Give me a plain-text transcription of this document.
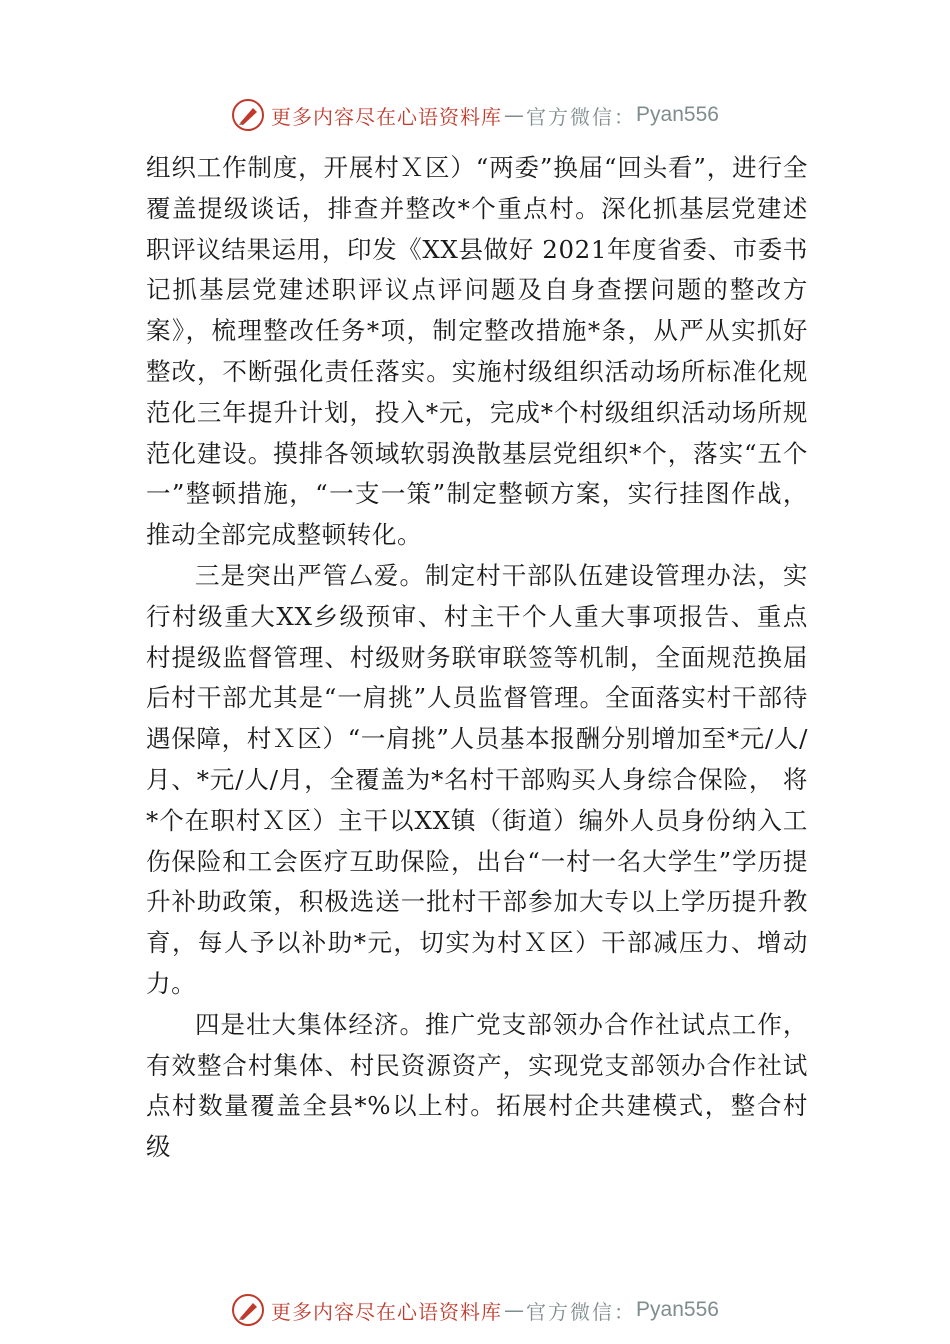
更多内容尽在心语资料库 — 官方微信： Pyan556

组织工作制度，开展村Ｘ区）“两委”换届“回头看”，进行全覆盖提级谈话，排查并整改*个重点村。深化抓基层党建述职评议结果运用，印发《XX县做好 2021年度省委、市委书记抓基层党建述职评议点评问题及自身查摆问题的整改方案》，梳理整改任务*项，制定整改措施*条，从严从实抓好整改，不断强化责任落实。实施村级组织活动场所标准化规范化三年提升计划，投入*元，完成*个村级组织活动场所规范化建设。摸排各领域软弱涣散基层党组织*个，落实“五个一”整顿措施，“一支一策”制定整顿方案，实行挂图作战，推动全部完成整顿转化。

三是突出严管厶爱。制定村干部队伍建设管理办法，实行村级重大XX乡级预审、村主干个人重大事项报告、重点村提级监督管理、村级财务联审联签等机制，全面规范换届后村干部尤其是“一肩挑”人员监督管理。全面落实村干部待遇保障，村Ｘ区）“一肩挑”人员基本报酬分别增加至*元/人/月、*元/人/月，全覆盖为*名村干部购买人身综合保险， 将*个在职村Ｘ区）主干以XX镇（街道）编外人员身份纳入工伤保险和工会医疗互助保险，出台“一村一名大学生”学历提升补助政策，积极选送一批村干部参加大专以上学历提升教育，每人予以补助*元，切实为村Ｘ区）干部减压力、增动力。

四是壮大集体经济。推广党支部领办合作社试点工作，有效整合村集体、村民资源资产，实现党支部领办合作社试点村数量覆盖全县*%以上村。拓展村企共建模式，整合村级

更多内容尽在心语资料库 — 官方微信： Pyan556
